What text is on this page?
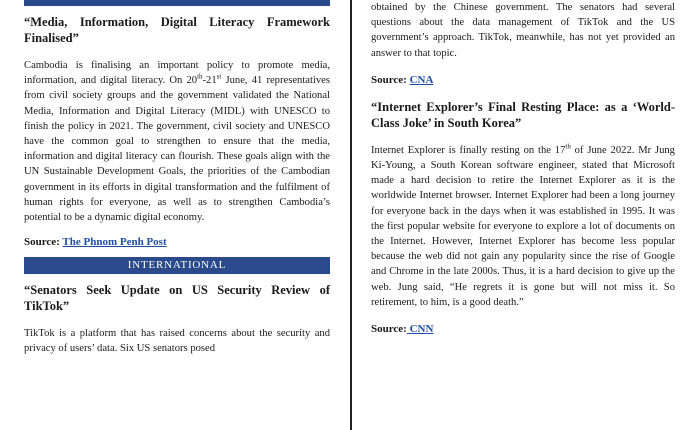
“Media, Information, Digital Literacy Framework Finalised”

Cambodia is finalising an important policy to promote media, information, and digital literacy. On 20th-21st June, 41 representatives from civil society groups and the government validated the National Media, Information and Digital Literacy (MIDL) with UNESCO to finish the policy in 2021. The government, civil society and UNESCO have the common goal to strengthen to ensure that the media, information and digital literacy can flourish. These goals align with the UN Sustainable Development Goals, the priorities of the Cambodian government in its efforts in digital transformation and the fulfilment of human rights for everyone, as well as to strengthen Cambodia’s potential to be a dynamic digital economy.

Source: The Phnom Penh Post
INTERNATIONAL
“Senators Seek Update on US Security Review of TikTok”

TikTok is a platform that has raised concerns about the security and privacy of users’ data. Six US senators posed

obtained by the Chinese government. The senators had several questions about the data management of TikTok and the US government’s approach. TikTok, meanwhile, has not yet provided an answer to that topic.

Source: CNA
“Internet Explorer’s Final Resting Place: as a ‘World-Class Joke’ in South Korea”

Internet Explorer is finally resting on the 17th of June 2022. Mr Jung Ki-Young, a South Korean software engineer, stated that Microsoft made a hard decision to retire the Internet Explorer as it is the worldwide Internet browser. Internet Explorer had been a long journey for everyone back in the days when it was established in 1995. It was the first popular website for everyone to explore a lot of documents on the Internet. However, Internet Explorer has become less popular because the web did not gain any popularity since the rise of Google and Chrome in the late 2000s. Thus, it is a hard decision to give up the web. Jung said, “He regrets it is gone but will not miss it. So retirement, to him, is a good death.”

Source: CNN
